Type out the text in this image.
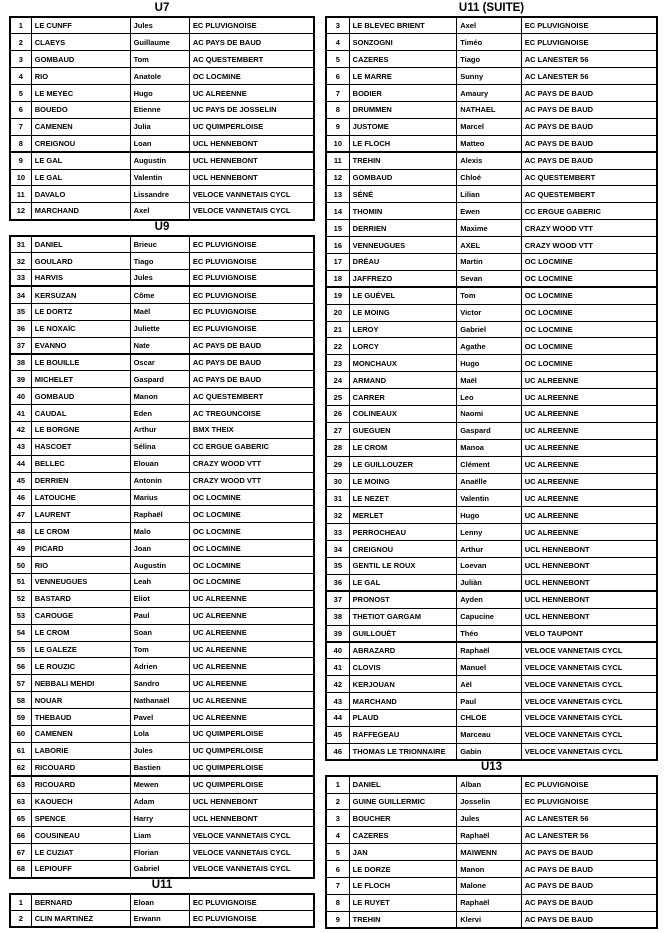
U7
1	LE CUNFF	Jules	EC PLUVIGNOISE
2	CLAEYS	Guillaume	AC PAYS DE BAUD
3	GOMBAUD	Tom	AC QUESTEMBERT
4	RIO	Anatole	OC LOCMINE
5	LE MEYEC	Hugo	UC ALREENNE
6	BOUEDO	Etienne	UC PAYS DE JOSSELIN
7	CAMENEN	Julia	UC QUIMPERLOISE
8	CREIGNOU	Loan	UCL HENNEBONT
9	LE GAL	Augustin	UCL HENNEBONT
10	LE GAL	Valentin	UCL HENNEBONT
11	DAVALO	Lissandre	VELOCE VANNETAIS CYCL
12	MARCHAND	Axel	VELOCE VANNETAIS CYCL
U9
31	DANIEL	Brieuc	EC PLUVIGNOISE
32	GOULARD	Tiago	EC PLUVIGNOISE
33	HARVIS	Jules	EC PLUVIGNOISE
34	KERSUZAN	Côme	EC PLUVIGNOISE
35	LE DORTZ	Maël	EC PLUVIGNOISE
36	LE NOXAÏC	Juliette	EC PLUVIGNOISE
37	EVANNO	Nate	AC PAYS DE BAUD
38	LE BOUILLE	Oscar	AC PAYS DE BAUD
39	MICHELET	Gaspard	AC PAYS DE BAUD
40	GOMBAUD	Manon	AC QUESTEMBERT
41	CAUDAL	Eden	AC TREGUNCOISE
42	LE BORGNE	Arthur	BMX THEIX
43	HASCOET	Sélina	CC ERGUE GABERIC
44	BELLEC	Elouan	CRAZY WOOD VTT
45	DERRIEN	Antonin	CRAZY WOOD VTT
46	LATOUCHE	Marius	OC LOCMINE
47	LAURENT	Raphaël	OC LOCMINE
48	LE CROM	Malo	OC LOCMINE
49	PICARD	Joan	OC LOCMINE
50	RIO	Augustin	OC LOCMINE
51	VENNEUGUES	Leah	OC LOCMINE
52	BASTARD	Eliot	UC ALREENNE
53	CAROUGE	Paul	UC ALREENNE
54	LE CROM	Soan	UC ALREENNE
55	LE GALEZE	Tom	UC ALREENNE
56	LE ROUZIC	Adrien	UC ALREENNE
57	NEBBALI MEHDI	Sandro	UC ALREENNE
58	NOUAR	Nathanaël	UC ALREENNE
59	THEBAUD	Pavel	UC ALREENNE
60	CAMENEN	Lola	UC QUIMPERLOISE
61	LABORIE	Jules	UC QUIMPERLOISE
62	RICOUARD	Bastien	UC QUIMPERLOISE
63	RICOUARD	Mewen	UC QUIMPERLOISE
63	KAOUECH	Adam	UCL HENNEBONT
65	SPENCE	Harry	UCL HENNEBONT
66	COUSINEAU	Liam	VELOCE VANNETAIS CYCL
67	LE CUZIAT	Florian	VELOCE VANNETAIS CYCL
68	LEPIOUFF	Gabriel	VELOCE VANNETAIS CYCL
U11
1	BERNARD	Eloan	EC PLUVIGNOISE
2	CLIN MARTINEZ	Erwann	EC PLUVIGNOISE
U11 (SUITE)
3	LE BLEVEC BRIENT	Axel	EC PLUVIGNOISE
4	SONZOGNI	Timéo	EC PLUVIGNOISE
5	CAZERES	Tiago	AC LANESTER 56
6	LE MARRE	Sunny	AC LANESTER 56
7	BODIER	Amaury	AC PAYS DE BAUD
8	DRUMMEN	NATHAEL	AC PAYS DE BAUD
9	JUSTOME	Marcel	AC PAYS DE BAUD
10	LE FLOCH	Matteo	AC PAYS DE BAUD
11	TREHIN	Alexis	AC PAYS DE BAUD
12	GOMBAUD	Chloé	AC QUESTEMBERT
13	SÉNÉ	Lilian	AC QUESTEMBERT
14	THOMIN	Ewen	CC ERGUE GABERIC
15	DERRIEN	Maxime	CRAZY WOOD VTT
16	VENNEUGUES	AXEL	CRAZY WOOD VTT
17	DRÉAU	Martin	OC LOCMINE
18	JAFFREZO	Sevan	OC LOCMINE
19	LE GUÉVEL	Tom	OC LOCMINE
20	LE MOING	Victor	OC LOCMINE
21	LEROY	Gabriel	OC LOCMINE
22	LORCY	Agathe	OC LOCMINE
23	MONCHAUX	Hugo	OC LOCMINE
24	ARMAND	Maël	UC ALREENNE
25	CARRER	Leo	UC ALREENNE
26	COLINEAUX	Naomi	UC ALREENNE
27	GUEGUEN	Gaspard	UC ALREENNE
28	LE CROM	Manoa	UC ALREENNE
29	LE GUILLOUZER	Clément	UC ALREENNE
30	LE MOING	Anaëlle	UC ALREENNE
31	LE NEZET	Valentin	UC ALREENNE
32	MERLET	Hugo	UC ALREENNE
33	PERROCHEAU	Lenny	UC ALREENNE
34	CREIGNOU	Arthur	UCL HENNEBONT
35	GENTIL LE ROUX	Loevan	UCL HENNEBONT
36	LE GAL	Juliàn	UCL HENNEBONT
37	PRONOST	Ayden	UCL HENNEBONT
38	THETIOT GARGAM	Capucine	UCL HENNEBONT
39	GUILLOUËT	Théo	VELO TAUPONT
40	ABRAZARD	Raphaël	VELOCE VANNETAIS CYCL
41	CLOVIS	Manuel	VELOCE VANNETAIS CYCL
42	KERJOUAN	Aël	VELOCE VANNETAIS CYCL
43	MARCHAND	Paul	VELOCE VANNETAIS CYCL
44	PLAUD	CHLOE	VELOCE VANNETAIS CYCL
45	RAFFEGEAU	Marceau	VELOCE VANNETAIS CYCL
46	THOMAS LE TRIONNAIRE	Gabin	VELOCE VANNETAIS CYCL
U13
1	DANIEL	Alban	EC PLUVIGNOISE
2	GUINE GUILLERMIC	Josselin	EC PLUVIGNOISE
3	BOUCHER	Jules	AC LANESTER 56
4	CAZERES	Raphaël	AC LANESTER 56
5	JAN	MAIWENN	AC PAYS DE BAUD
6	LE DORZE	Manon	AC PAYS DE BAUD
7	LE FLOCH	Malone	AC PAYS DE BAUD
8	LE RUYET	Raphaël	AC PAYS DE BAUD
9	TREHIN	Klervi	AC PAYS DE BAUD
